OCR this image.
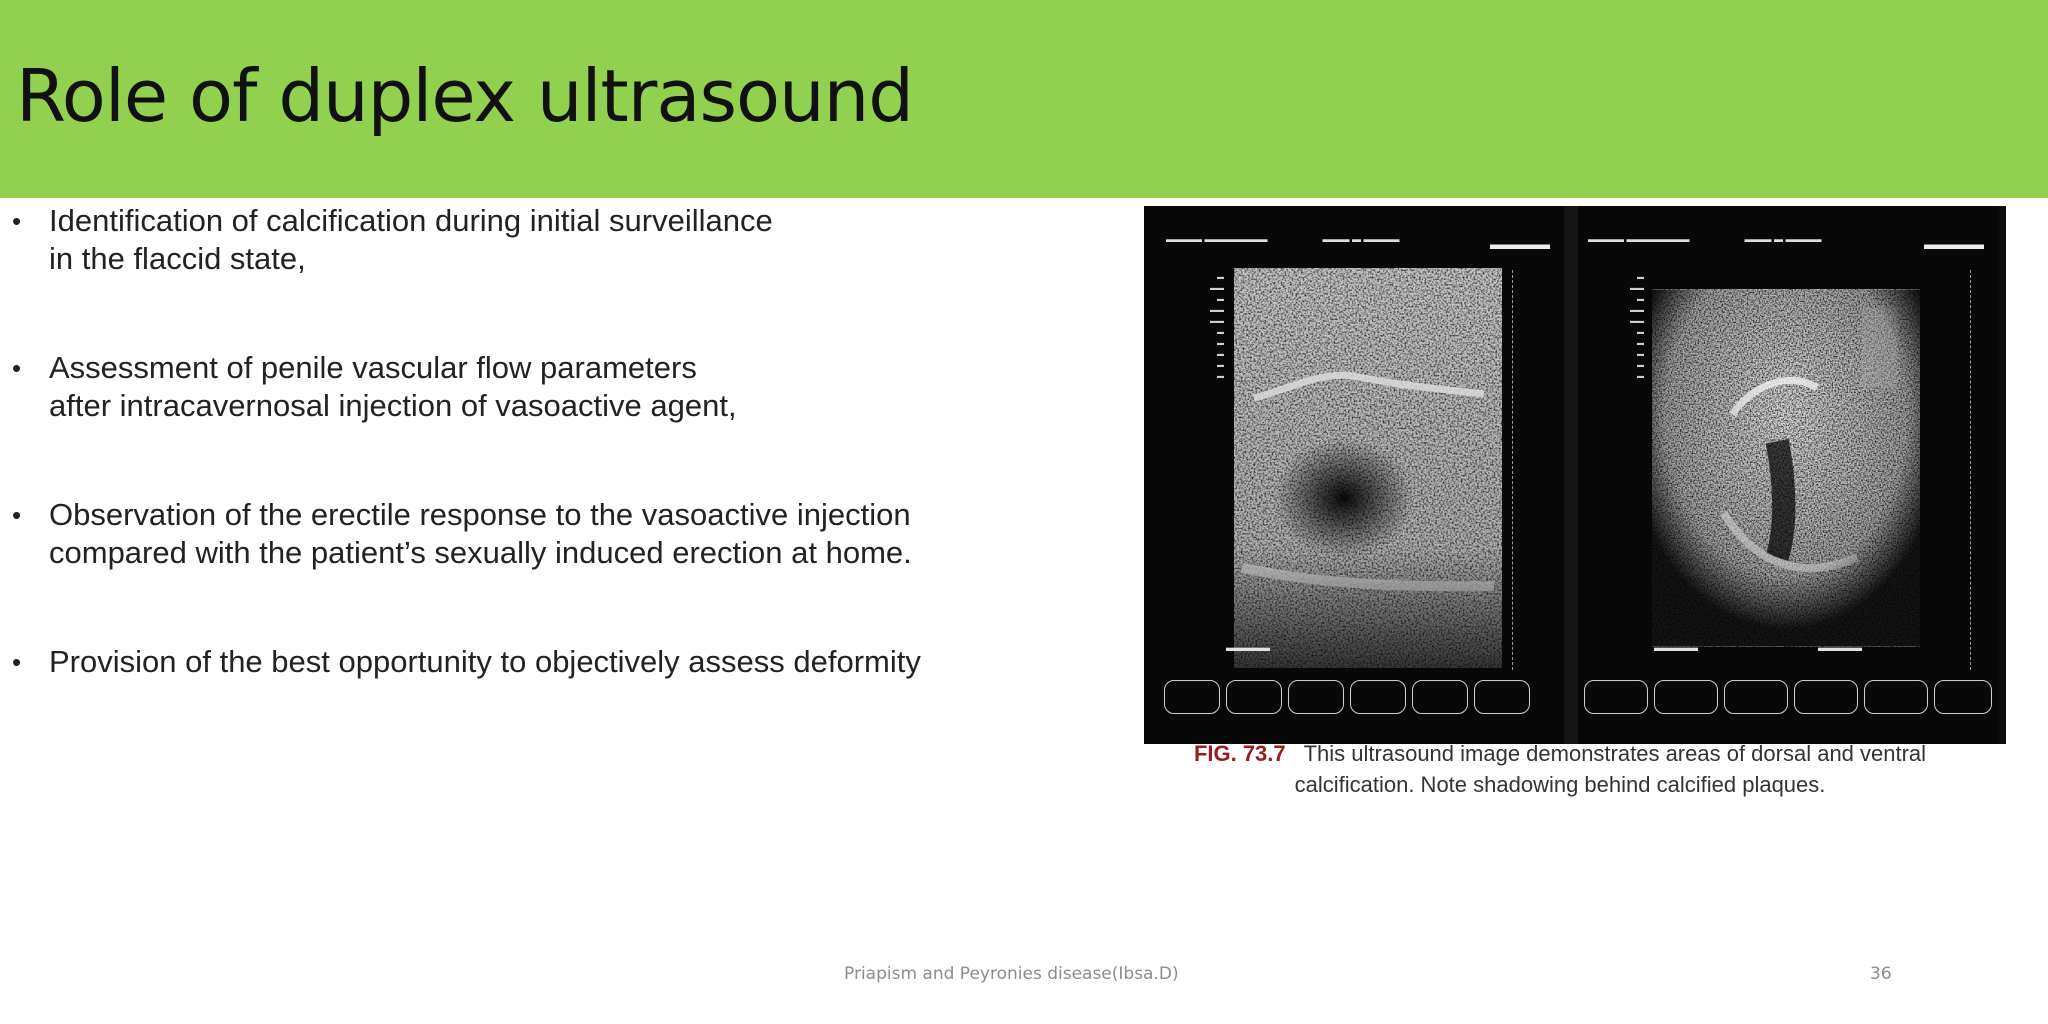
Role of duplex ultrasound
• Identification of calcification during initial surveillance
in the flaccid state,
• Assessment of penile vascular flow parameters
after intracavernosal injection of vasoactive agent,
• Observation of the erectile response to the vasoactive injection
compared with the patient’s sexually induced erection at home.
• Provision of the best opportunity to objectively assess deformity
▬▬▬▬ ▬▬▬▬▬▬▬                      ▬▬▬ ▬ ▬▬▬▬	▬▬▬▬
▬
▬▬
▬
▬▬
▬▬
▬
▬
▬
▬
▬
▬▬▬▬
▬▬▬▬ ▬▬▬▬▬▬▬                      ▬▬▬ ▬ ▬▬▬▬	▬▬▬▬
▬
▬▬
▬
▬▬
▬▬
▬
▬
▬
▬
▬
▬▬▬▬	▬▬▬▬
FIG. 73.7 This ultrasound image demonstrates areas of dorsal and ventral calcification. Note shadowing behind calcified plaques.
Priapism and Peyronies disease(Ibsa.D)	36
